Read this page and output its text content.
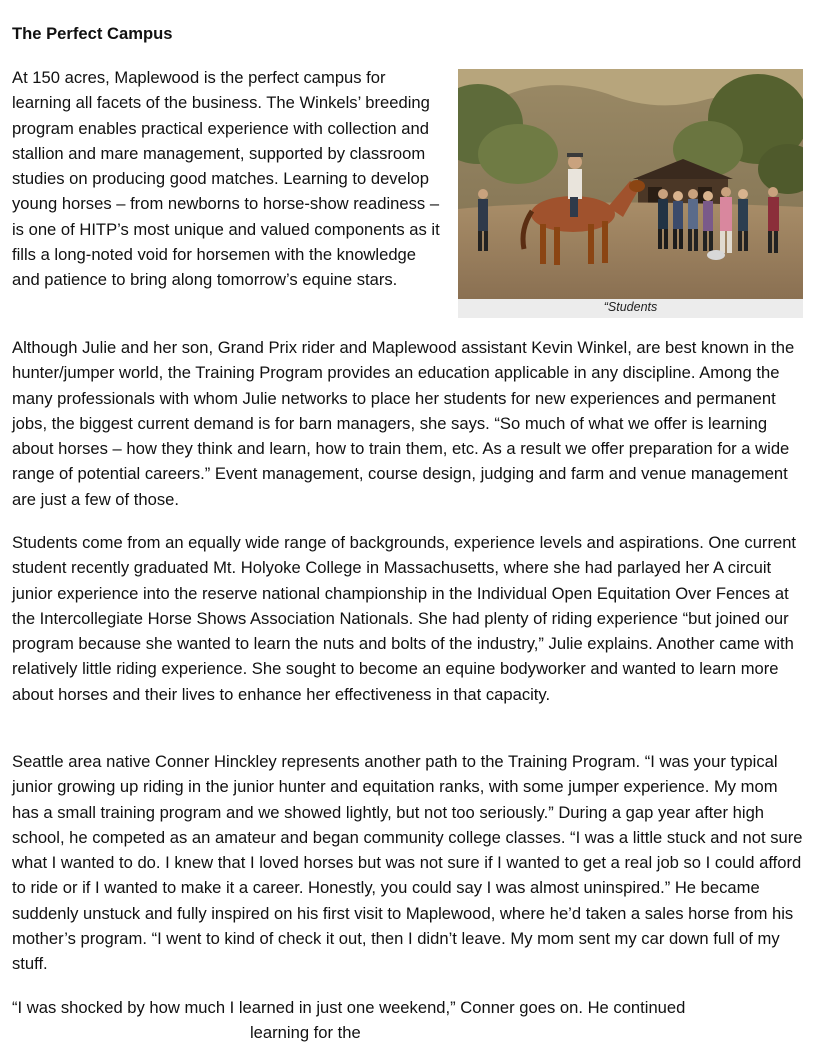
The Perfect Campus

At 150 acres, Maplewood is the perfect campus for learning all facets of the business. The Winkels’ breeding program enables practical experience with collection and stallion and mare management, supported by classroom studies on producing good matches. Learning to develop young horses – from newborns to horse-show readiness – is one of HITP’s most unique and valued components as it fills a long-noted void for horsemen with the knowledge and patience to bring along tomorrow’s equine stars.

“Students

Although Julie and her son, Grand Prix rider and Maplewood assistant Kevin Winkel, are best known in the hunter/jumper world, the Training Program provides an education applicable in any discipline. Among the many professionals with whom Julie networks to place her students for new experiences and permanent jobs, the biggest current demand is for barn managers, she says. “So much of what we offer is learning about horses – how they think and learn, how to train them, etc. As a result we offer preparation for a wide range of potential careers.” Event management, course design, judging and farm and venue management are just a few of those.

Students come from an equally wide range of backgrounds, experience levels and aspirations. One current student recently graduated Mt. Holyoke College in Massachusetts, where she had parlayed her A circuit junior experience into the reserve national championship in the Individual Open Equitation Over Fences at the Intercollegiate Horse Shows Association Nationals. She had plenty of riding experience “but joined our program because she wanted to learn the nuts and bolts of the industry,” Julie explains. Another came with relatively little riding experience. She sought to become an equine bodyworker and wanted to learn more about horses and their lives to enhance her effectiveness in that capacity.

Seattle area native Conner Hinckley represents another path to the Training Program. “I was your typical junior growing up riding in the junior hunter and equitation ranks, with some jumper experience. My mom has a small training program and we showed lightly, but not too seriously.” During a gap year after high school, he competed as an amateur and began community college classes. “I was a little stuck and not sure what I wanted to do. I knew that I loved horses but was not sure if I wanted to get a real job so I could afford to ride or if I wanted to make it a career. Honestly, you could say I was almost uninspired.” He became suddenly unstuck and fully inspired on his first visit to Maplewood, where he’d taken a sales horse from his mother’s program. “I went to kind of check it out, then I didn’t leave. My mom sent my car down full of my stuff.

“I was shocked by how much I learned in just one weekend,” Conner goes on. He continued

learning for the
